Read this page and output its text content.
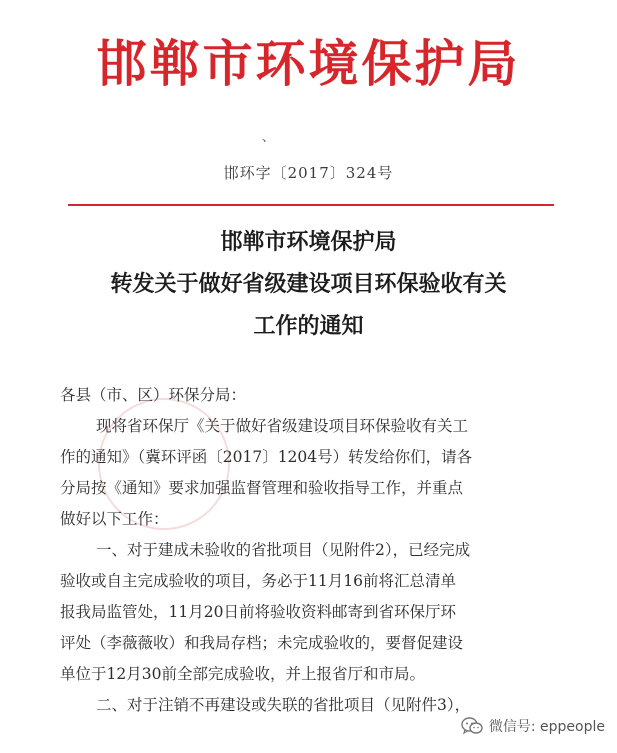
邯郸市环境保护局
、
邯环字〔2017〕324号
邯郸市环境保护局
转发关于做好省级建设项目环保验收有关
工作的通知
各县（市、区）环保分局：
现将省环保厅《关于做好省级建设项目环保验收有关工
作的通知》（冀环评函〔2017〕1204号）转发给你们，请各
分局按《通知》要求加强监督管理和验收指导工作，并重点
做好以下工作：
一、对于建成未验收的省批项目（见附件2），已经完成
验收或自主完成验收的项目，务必于11月16前将汇总清单
报我局监管处，11月20日前将验收资料邮寄到省环保厅环
评处（李薇薇收）和我局存档；未完成验收的，要督促建设
单位于12月30前全部完成验收，并上报省厅和市局。
二、对于注销不再建设或失联的省批项目（见附件3），
微信号: eppeople
